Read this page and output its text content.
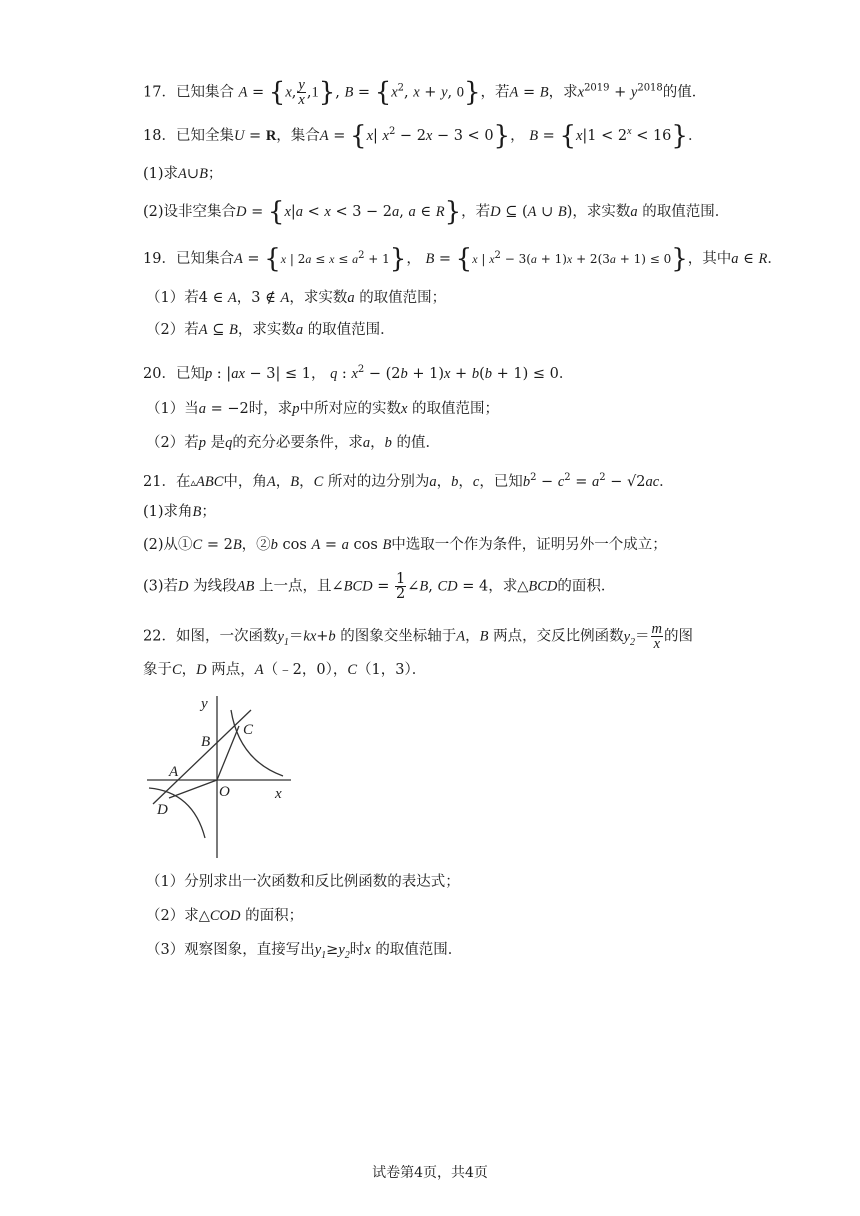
17．已知集合 A = {x, $\frac{y}{x} ,1$}, $B = \{x^2$, x + y, 0}，若A = B，求$x^{2019} + y^{2018}$的值．
18．已知全集U = R，集合A = {x| $x^2 - 2x - 3 < 0$}， $B = \{x|1 < 2^x < 16\}$．
(1)求A∪B；
(2)设非空集合D = {x|a < x < 3 − 2a, a ∈ R}，若D ⊆ (A ∪ B)，求实数a 的取值范围．
19．已知集合A = {x | $2a \le x \le a^2 + 1$}， B = {x | $x^2 - 3(a + 1)x + 2(3a + 1) \le 0$}，其中a ∈ R．
（1）若4 ∈ A，3 ∉ A，求实数a 的取值范围；
（2）若A ⊆ B，求实数a 的取值范围．
20．已知p : |ax − 3| ≤ 1， q : $x^2 - (2b + 1)x + b(b + 1) \le 0$．
（1）当a = −2时，求p中所对应的实数x 的取值范围；
（2）若p 是q的充分必要条件，求a，b 的值．
21．在▵ABC中，角A，B，C 所对的边分别为a，b，c，已知$b^2 - c^2 = a^2 - √2ac$．
(1)求角B；
(2)从①C = 2B，②b cos A = a cos B中选取一个作为条件，证明另外一个成立；
(3)若D 为线段AB 上一点，且∠BCD = $\frac{1}{2}$ ∠B, CD = 4，求△BCD的面积．
22．如图，一次函数$y_1=kx+b$ 的图象交坐标轴于A，B 两点，交反比例函数$y_2= \frac{m}{x}$ 的图
象于C，D 两点，A（﹣2，0），C（1，3）．
y
x
B
C
A
O
D
（1）分别求出一次函数和反比例函数的表达式；
（2）求△COD 的面积；
（3）观察图象，直接写出$y_1\ge y_2$时x 的取值范围．
试卷第4页，共4页
